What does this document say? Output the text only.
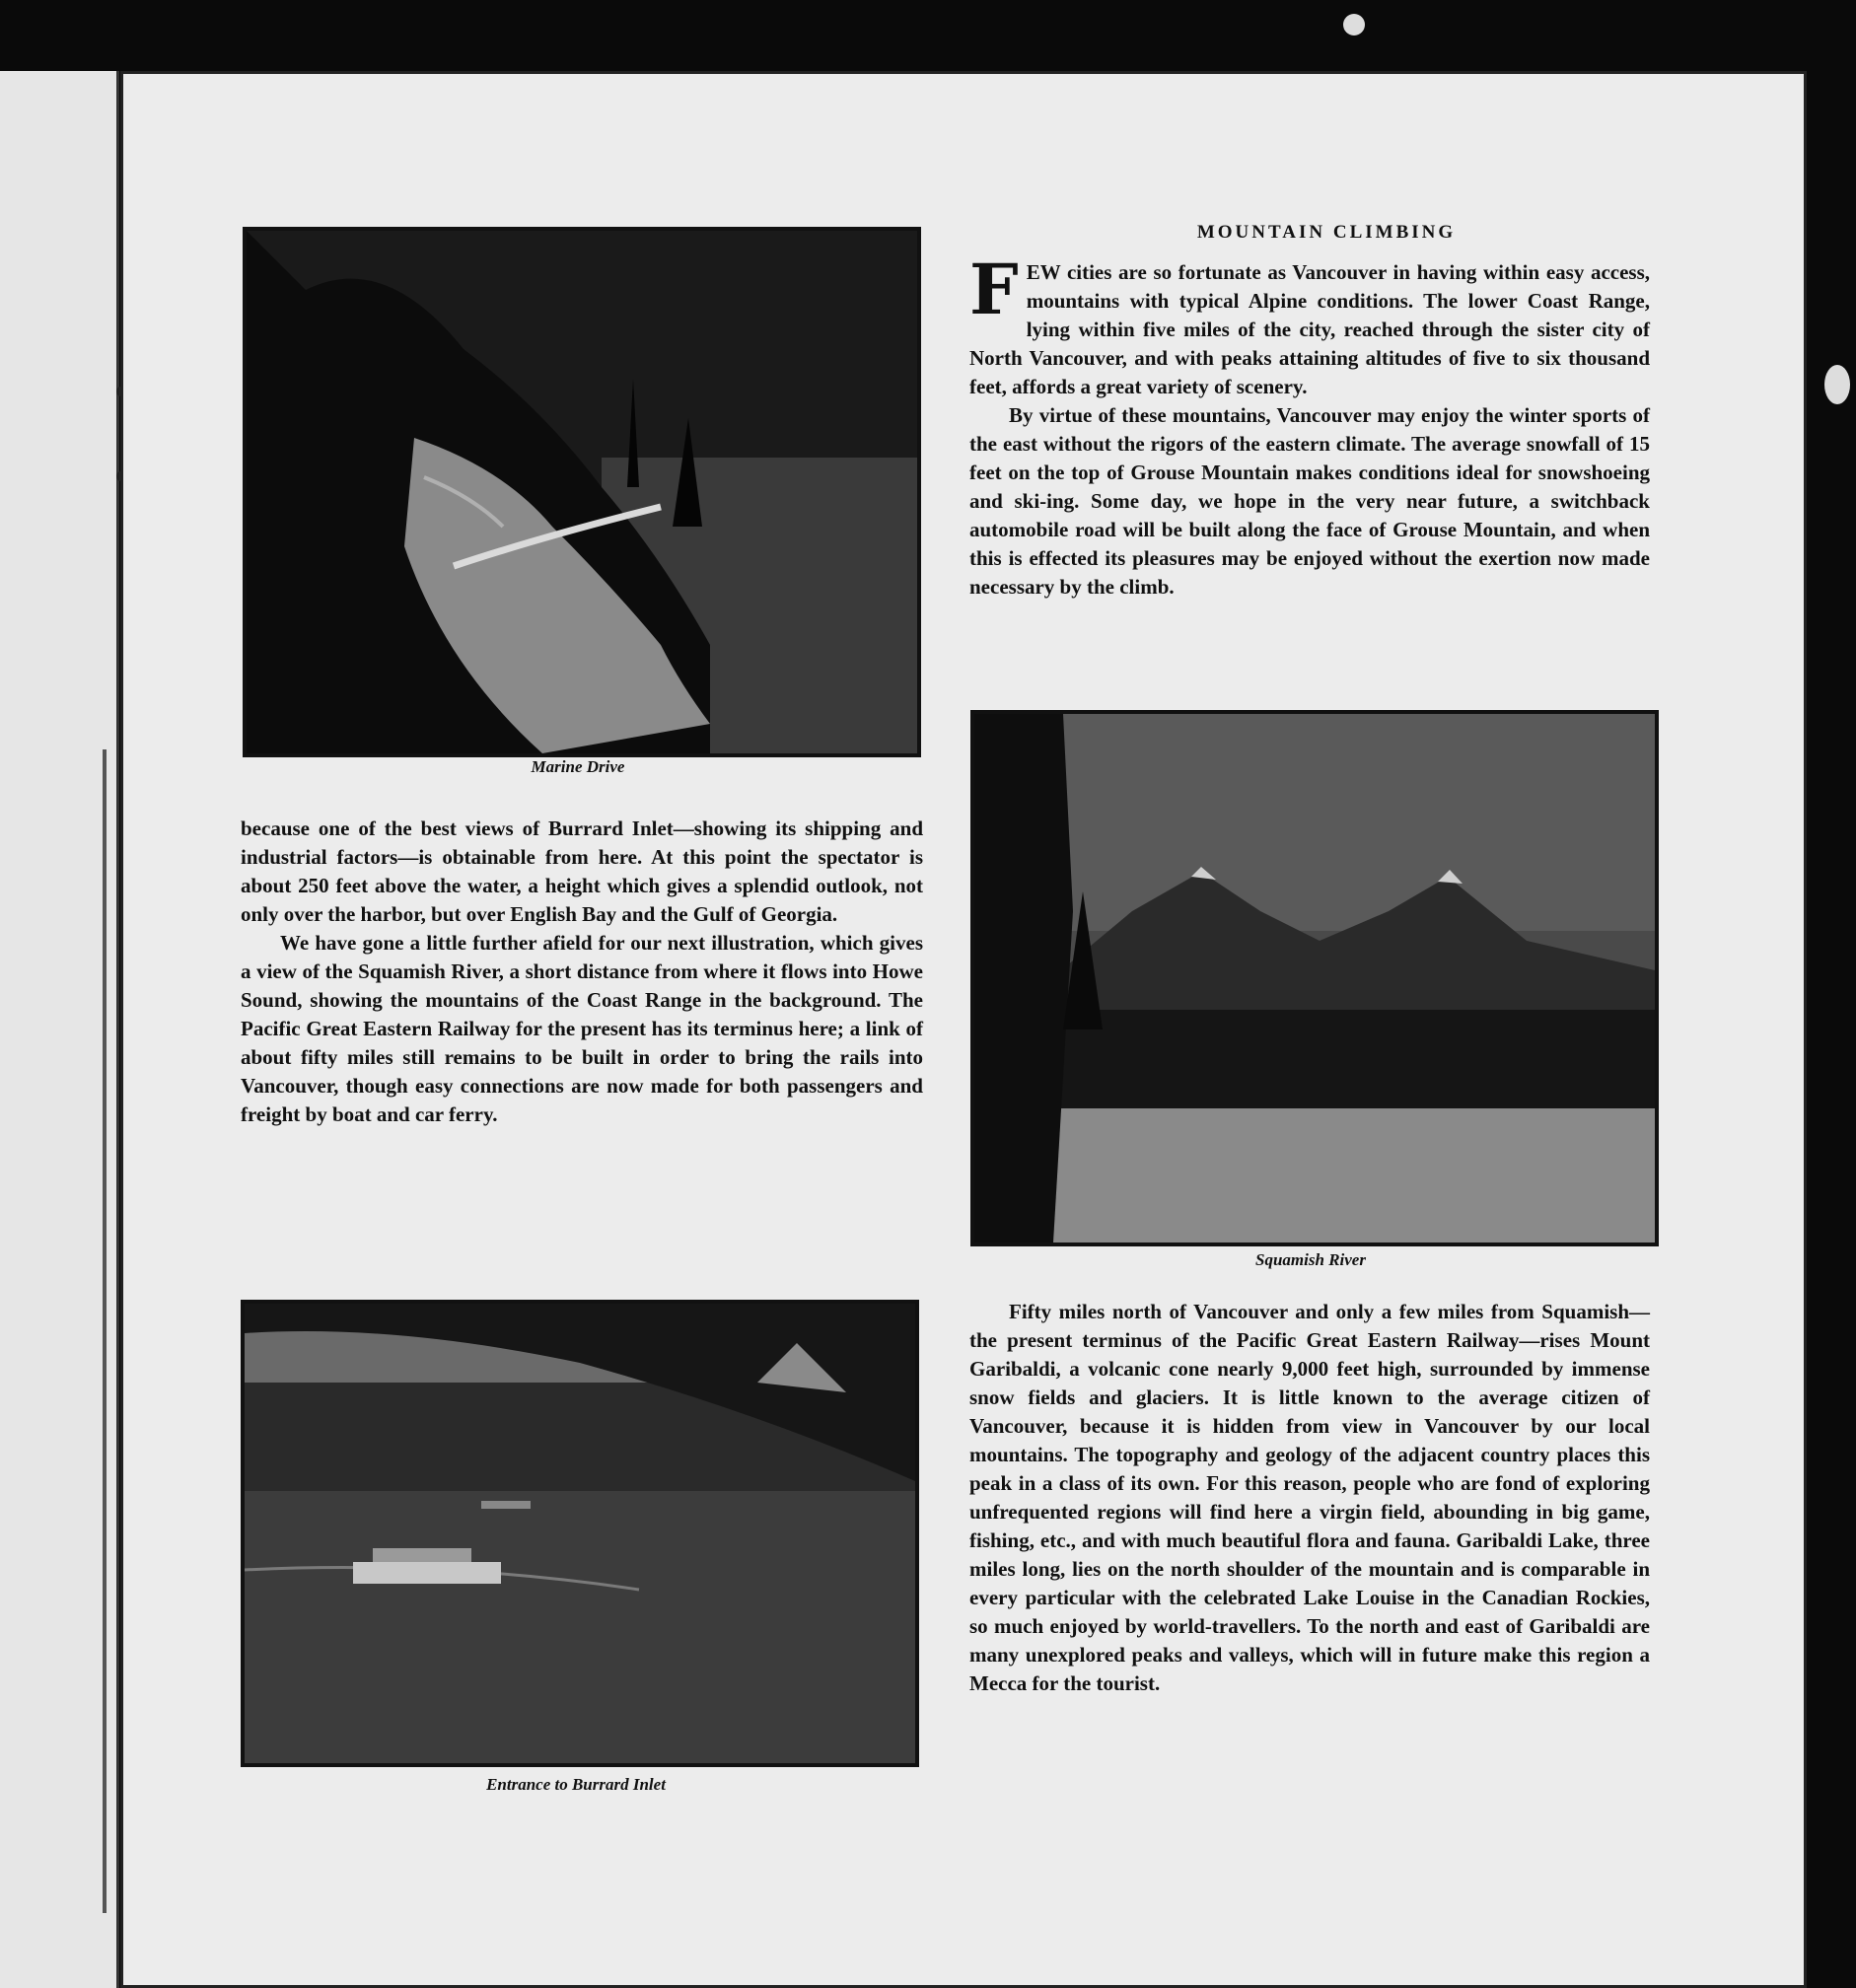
Marine Drive

because one of the best views of Burrard Inlet—showing its shipping and industrial factors—is obtainable from here. At this point the spectator is about 250 feet above the water, a height which gives a splendid outlook, not only over the harbor, but over English Bay and the Gulf of Georgia.

We have gone a little further afield for our next illustration, which gives a view of the Squamish River, a short distance from where it flows into Howe Sound, showing the mountains of the Coast Range in the background. The Pacific Great Eastern Railway for the present has its terminus here; a link of about fifty miles still remains to be built in order to bring the rails into Vancouver, though easy connections are now made for both passengers and freight by boat and car ferry.

Entrance to Burrard Inlet
MOUNTAIN CLIMBING
FEW cities are so fortunate as Vancouver in having within easy access, mountains with typical Alpine conditions. The lower Coast Range, lying within five miles of the city, reached through the sister city of North Vancouver, and with peaks attaining altitudes of five to six thousand feet, affords a great variety of scenery.

By virtue of these mountains, Vancouver may enjoy the winter sports of the east without the rigors of the eastern climate. The average snowfall of 15 feet on the top of Grouse Mountain makes conditions ideal for snowshoeing and ski-ing. Some day, we hope in the very near future, a switchback automobile road will be built along the face of Grouse Mountain, and when this is effected its pleasures may be enjoyed without the exertion now made necessary by the climb.

Squamish River

Fifty miles north of Vancouver and only a few miles from Squamish—the present terminus of the Pacific Great Eastern Railway—rises Mount Garibaldi, a volcanic cone nearly 9,000 feet high, surrounded by immense snow fields and glaciers. It is little known to the average citizen of Vancouver, because it is hidden from view in Vancouver by our local mountains. The topography and geology of the adjacent country places this peak in a class of its own. For this reason, people who are fond of exploring unfrequented regions will find here a virgin field, abounding in big game, fishing, etc., and with much beautiful flora and fauna. Garibaldi Lake, three miles long, lies on the north shoulder of the mountain and is comparable in every particular with the celebrated Lake Louise in the Canadian Rockies, so much enjoyed by world-travellers. To the north and east of Garibaldi are many unexplored peaks and valleys, which will in future make this region a Mecca for the tourist.
